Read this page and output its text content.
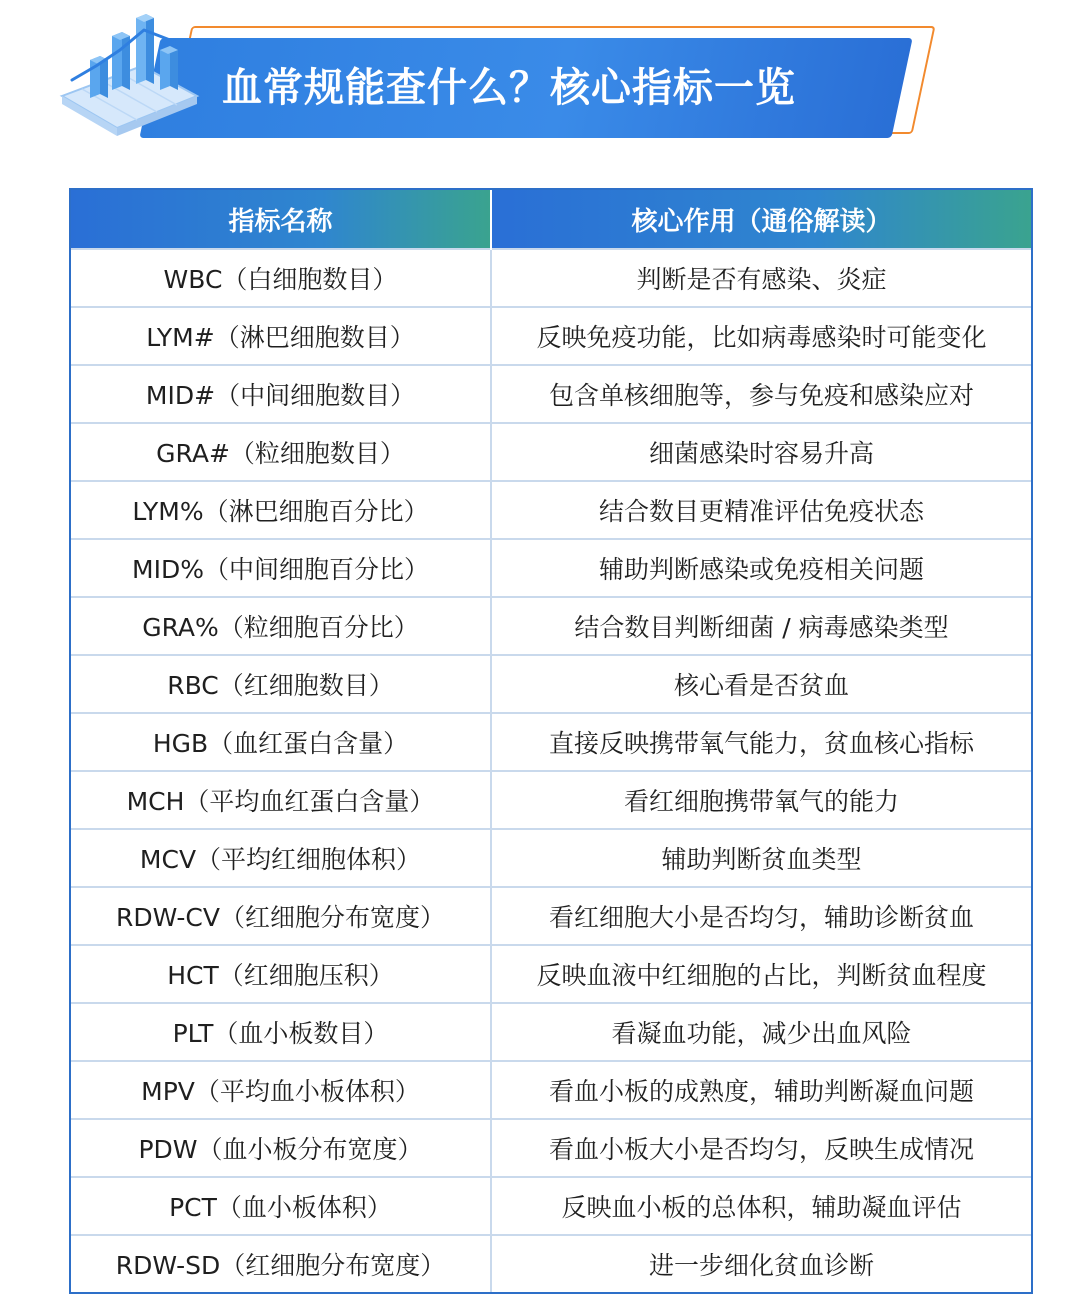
血常规能查什么？核心指标一览
指标名称	核心作用（通俗解读）
WBC（白细胞数目）	判断是否有感染、炎症
LYM#（淋巴细胞数目）	反映免疫功能，比如病毒感染时可能变化
MID#（中间细胞数目）	包含单核细胞等，参与免疫和感染应对
GRA#（粒细胞数目）	细菌感染时容易升高
LYM%（淋巴细胞百分比）	结合数目更精准评估免疫状态
MID%（中间细胞百分比）	辅助判断感染或免疫相关问题
GRA%（粒细胞百分比）	结合数目判断细菌 / 病毒感染类型
RBC（红细胞数目）	核心看是否贫血
HGB（血红蛋白含量）	直接反映携带氧气能力，贫血核心指标
MCH（平均血红蛋白含量）	看红细胞携带氧气的能力
MCV（平均红细胞体积）	辅助判断贫血类型
RDW-CV（红细胞分布宽度）	看红细胞大小是否均匀，辅助诊断贫血
HCT（红细胞压积）	反映血液中红细胞的占比，判断贫血程度
PLT（血小板数目）	看凝血功能，减少出血风险
MPV（平均血小板体积）	看血小板的成熟度，辅助判断凝血问题
PDW（血小板分布宽度）	看血小板大小是否均匀，反映生成情况
PCT（血小板体积）	反映血小板的总体积，辅助凝血评估
RDW-SD（红细胞分布宽度）	进一步细化贫血诊断
